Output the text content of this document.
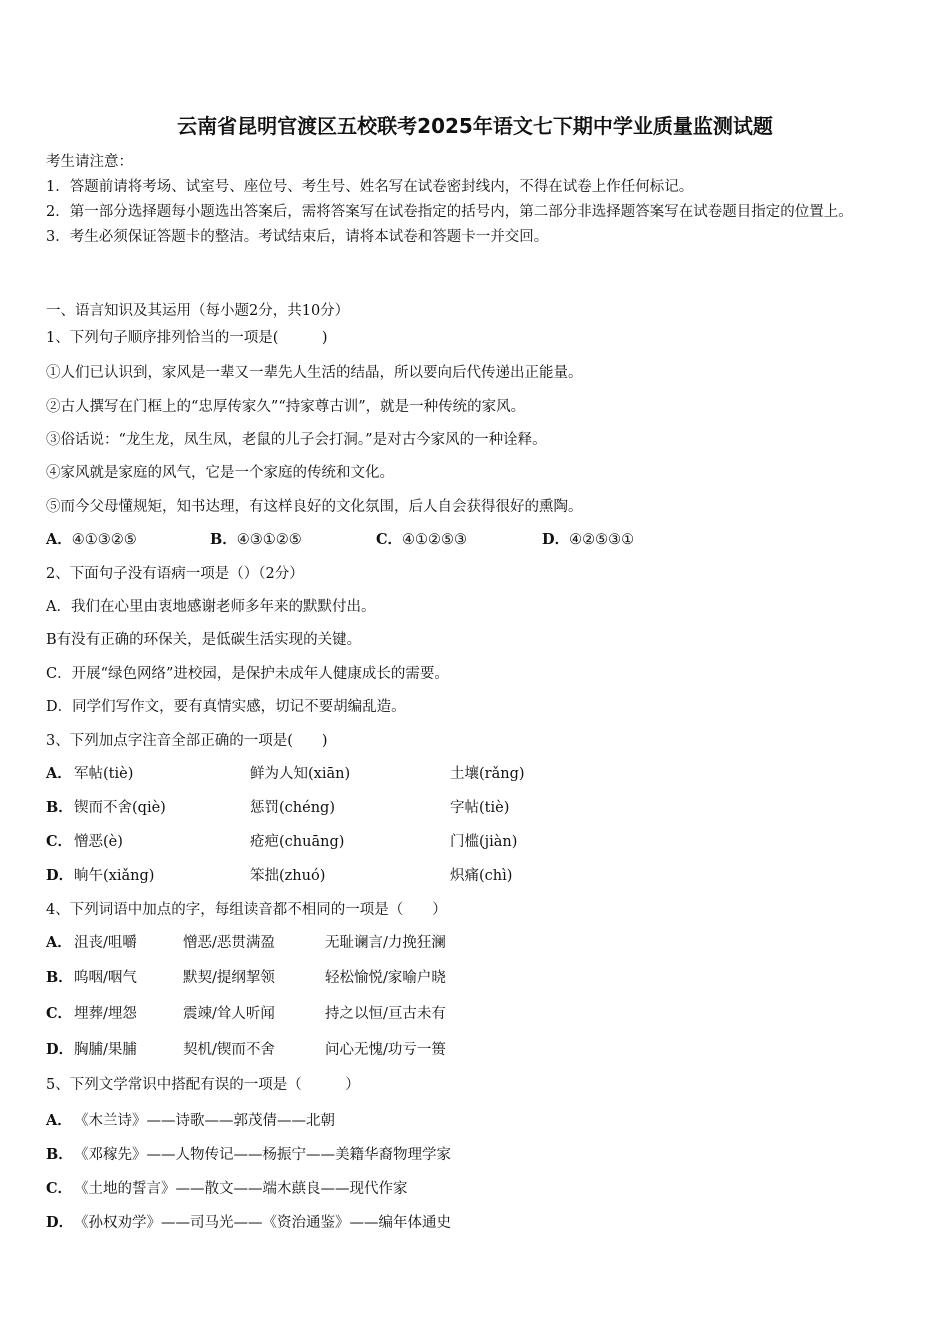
云南省昆明官渡区五校联考2025年语文七下期中学业质量监测试题

考生请注意：

1．答题前请将考场、试室号、座位号、考生号、姓名写在试卷密封线内，不得在试卷上作任何标记。

2．第一部分选择题每小题选出答案后，需将答案写在试卷指定的括号内，第二部分非选择题答案写在试卷题目指定的位置上。

3．考生必须保证答题卡的整洁。考试结束后，请将本试卷和答题卡一并交回。

一、语言知识及其运用（每小题2分，共10分）
1、下列句子顺序排列恰当的一项是(　　　)
①人们已认识到，家风是一辈又一辈先人生活的结晶，所以要向后代传递出正能量。
②古人撰写在门框上的“忠厚传家久”“持家尊古训”，就是一种传统的家风。
③俗话说：“龙生龙，凤生凤，老鼠的儿子会打洞。”是对古今家风的一种诠释。
④家风就是家庭的风气，它是一个家庭的传统和文化。
⑤而今父母懂规矩，知书达理，有这样良好的文化氛围，后人自会获得很好的熏陶。
A．④①③②⑤	B．④③①②⑤	C．④①②⑤③	D．④②⑤③①
2、下面句子没有语病一项是（）（2分）
A．我们在心里由衷地感谢老师多年来的默默付出。
B有没有正确的环保关，是低碳生活实现的关键。
C．开展“绿色网络”进校园，是保护未成年人健康成长的需要。
D．同学们写作文，要有真情实感，切记不要胡编乱造。
3、下列加点字注音全部正确的一项是(　　)
A． 军帖(tiè)	鲜为人知(xiān)	土壤(rǎng)
B． 锲而不舍(qiè)	惩罚(chéng)	字帖(tiè)
C． 憎恶(è)	疮疤(chuāng)	门槛(jiàn)
D． 晌午(xiǎng)	笨拙(zhuó)	炽痛(chì)
4、下列词语中加点的字，每组读音都不相同的一项是（　　）
A． 沮丧/咀嚼	憎恶/恶贯满盈	无耻谰言/力挽狂澜
B． 呜咽/咽气	默契/提纲挈领	轻松愉悦/家喻户晓
C． 埋葬/埋怨	震竦/耸人听闻	持之以恒/亘古未有
D． 胸脯/果脯	契机/锲而不舍	问心无愧/功亏一篑
5、下列文学常识中搭配有误的一项是（　　　）
A． 《木兰诗》——诗歌——郭茂倩——北朝
B． 《邓稼先》——人物传记——杨振宁——美籍华裔物理学家
C． 《土地的誓言》——散文——端木蕻良——现代作家
D． 《孙权劝学》——司马光——《资治通鉴》——编年体通史
